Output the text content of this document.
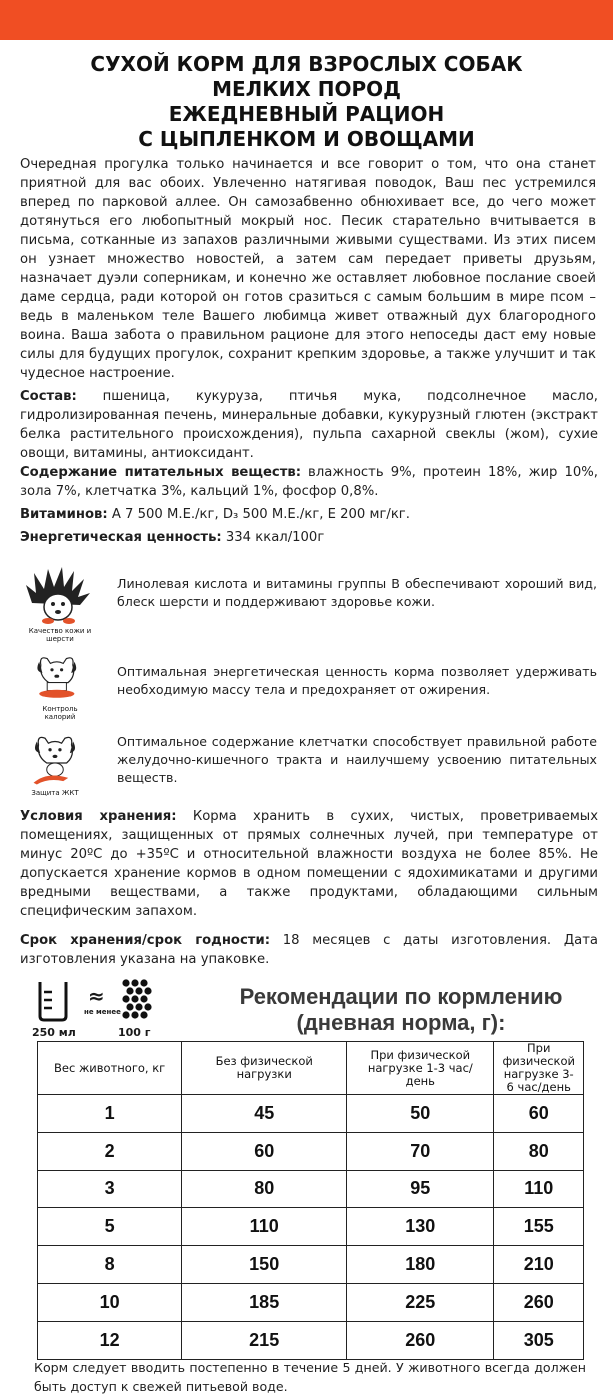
СУХОЙ КОРМ ДЛЯ ВЗРОСЛЫХ СОБАК
МЕЛКИХ ПОРОД
ЕЖЕДНЕВНЫЙ РАЦИОН
С ЦЫПЛЕНКОМ И ОВОЩАМИ
Очередная прогулка только начинается и все говорит о том, что она станет приятной для вас обоих. Увлеченно натягивая поводок, Ваш пес устремился вперед по парковой аллее. Он самозабвенно обнюхивает все, до чего может дотянуться его любопытный мокрый нос. Песик старательно вчитывается в письма, сотканные из запахов различными живыми существами. Из этих писем он узнает множество новостей, а затем сам передает приветы друзьям, назначает дуэли соперникам, и конечно же оставляет любовное послание своей даме сердца, ради которой он готов сразиться с самым большим в мире псом – ведь в маленьком теле Вашего любимца живет отважный дух благородного воина. Ваша забота о правильном рационе для этого непоседы даст ему новые силы для будущих прогулок, сохранит крепким здоровье, а также улучшит и так чудесное настроение.
Состав: пшеница, кукуруза, птичья мука, подсолнечное масло, гидролизированная печень, минеральные добавки, кукурузный глютен (экстракт белка растительного происхождения), пульпа сахарной свеклы (жом), сухие овощи, витамины, антиоксидант.
Содержание питательных веществ: влажность 9%, протеин 18%, жир 10%, зола 7%, клетчатка 3%, кальций 1%, фосфор 0,8%.
Витаминов: А 7 500 М.Е./кг, D₃ 500 М.Е./кг, Е 200 мг/кг.
Энергетическая ценность: 334 ккал/100г
Качество кожи и шерсти
Линолевая кислота и витамины группы В обеспечивают хороший вид, блеск шерсти и поддерживают здоровье кожи.
Контроль калорий
Оптимальная энергетическая ценность корма позволяет удерживать необходимую массу тела и предохраняет от ожирения.
Защита ЖКТ
Оптимальное содержание клетчатки способствует правильной работе желудочно-кишечного тракта и наилучшему усвоению питательных веществ.
Условия хранения: Корма хранить в сухих, чистых, проветриваемых помещениях, защищенных от прямых солнечных лучей, при температуре от минус 20ºС до +35ºС и относительной влажности воздуха не более 85%. Не допускается хранение кормов в одном помещении с ядохимикатами и другими вредными веществами, а также продуктами, обладающими сильным специфическим запахом.
Срок хранения/срок годности: 18 месяцев с даты изготовления. Дата изготовления указана на упаковке.
≈
не менее
250 мл	100 г
Рекомендации по кормлению
(дневная норма, г):
Вес животного, кг	Без физической нагрузки	При физической нагрузке 1-3 час/день	При физической нагрузке 3-6 час/день
1	45	50	60
2	60	70	80
3	80	95	110
5	110	130	155
8	150	180	210
10	185	225	260
12	215	260	305
Корм следует вводить постепенно в течение 5 дней. У животного всегда должен быть доступ к свежей питьевой воде.
